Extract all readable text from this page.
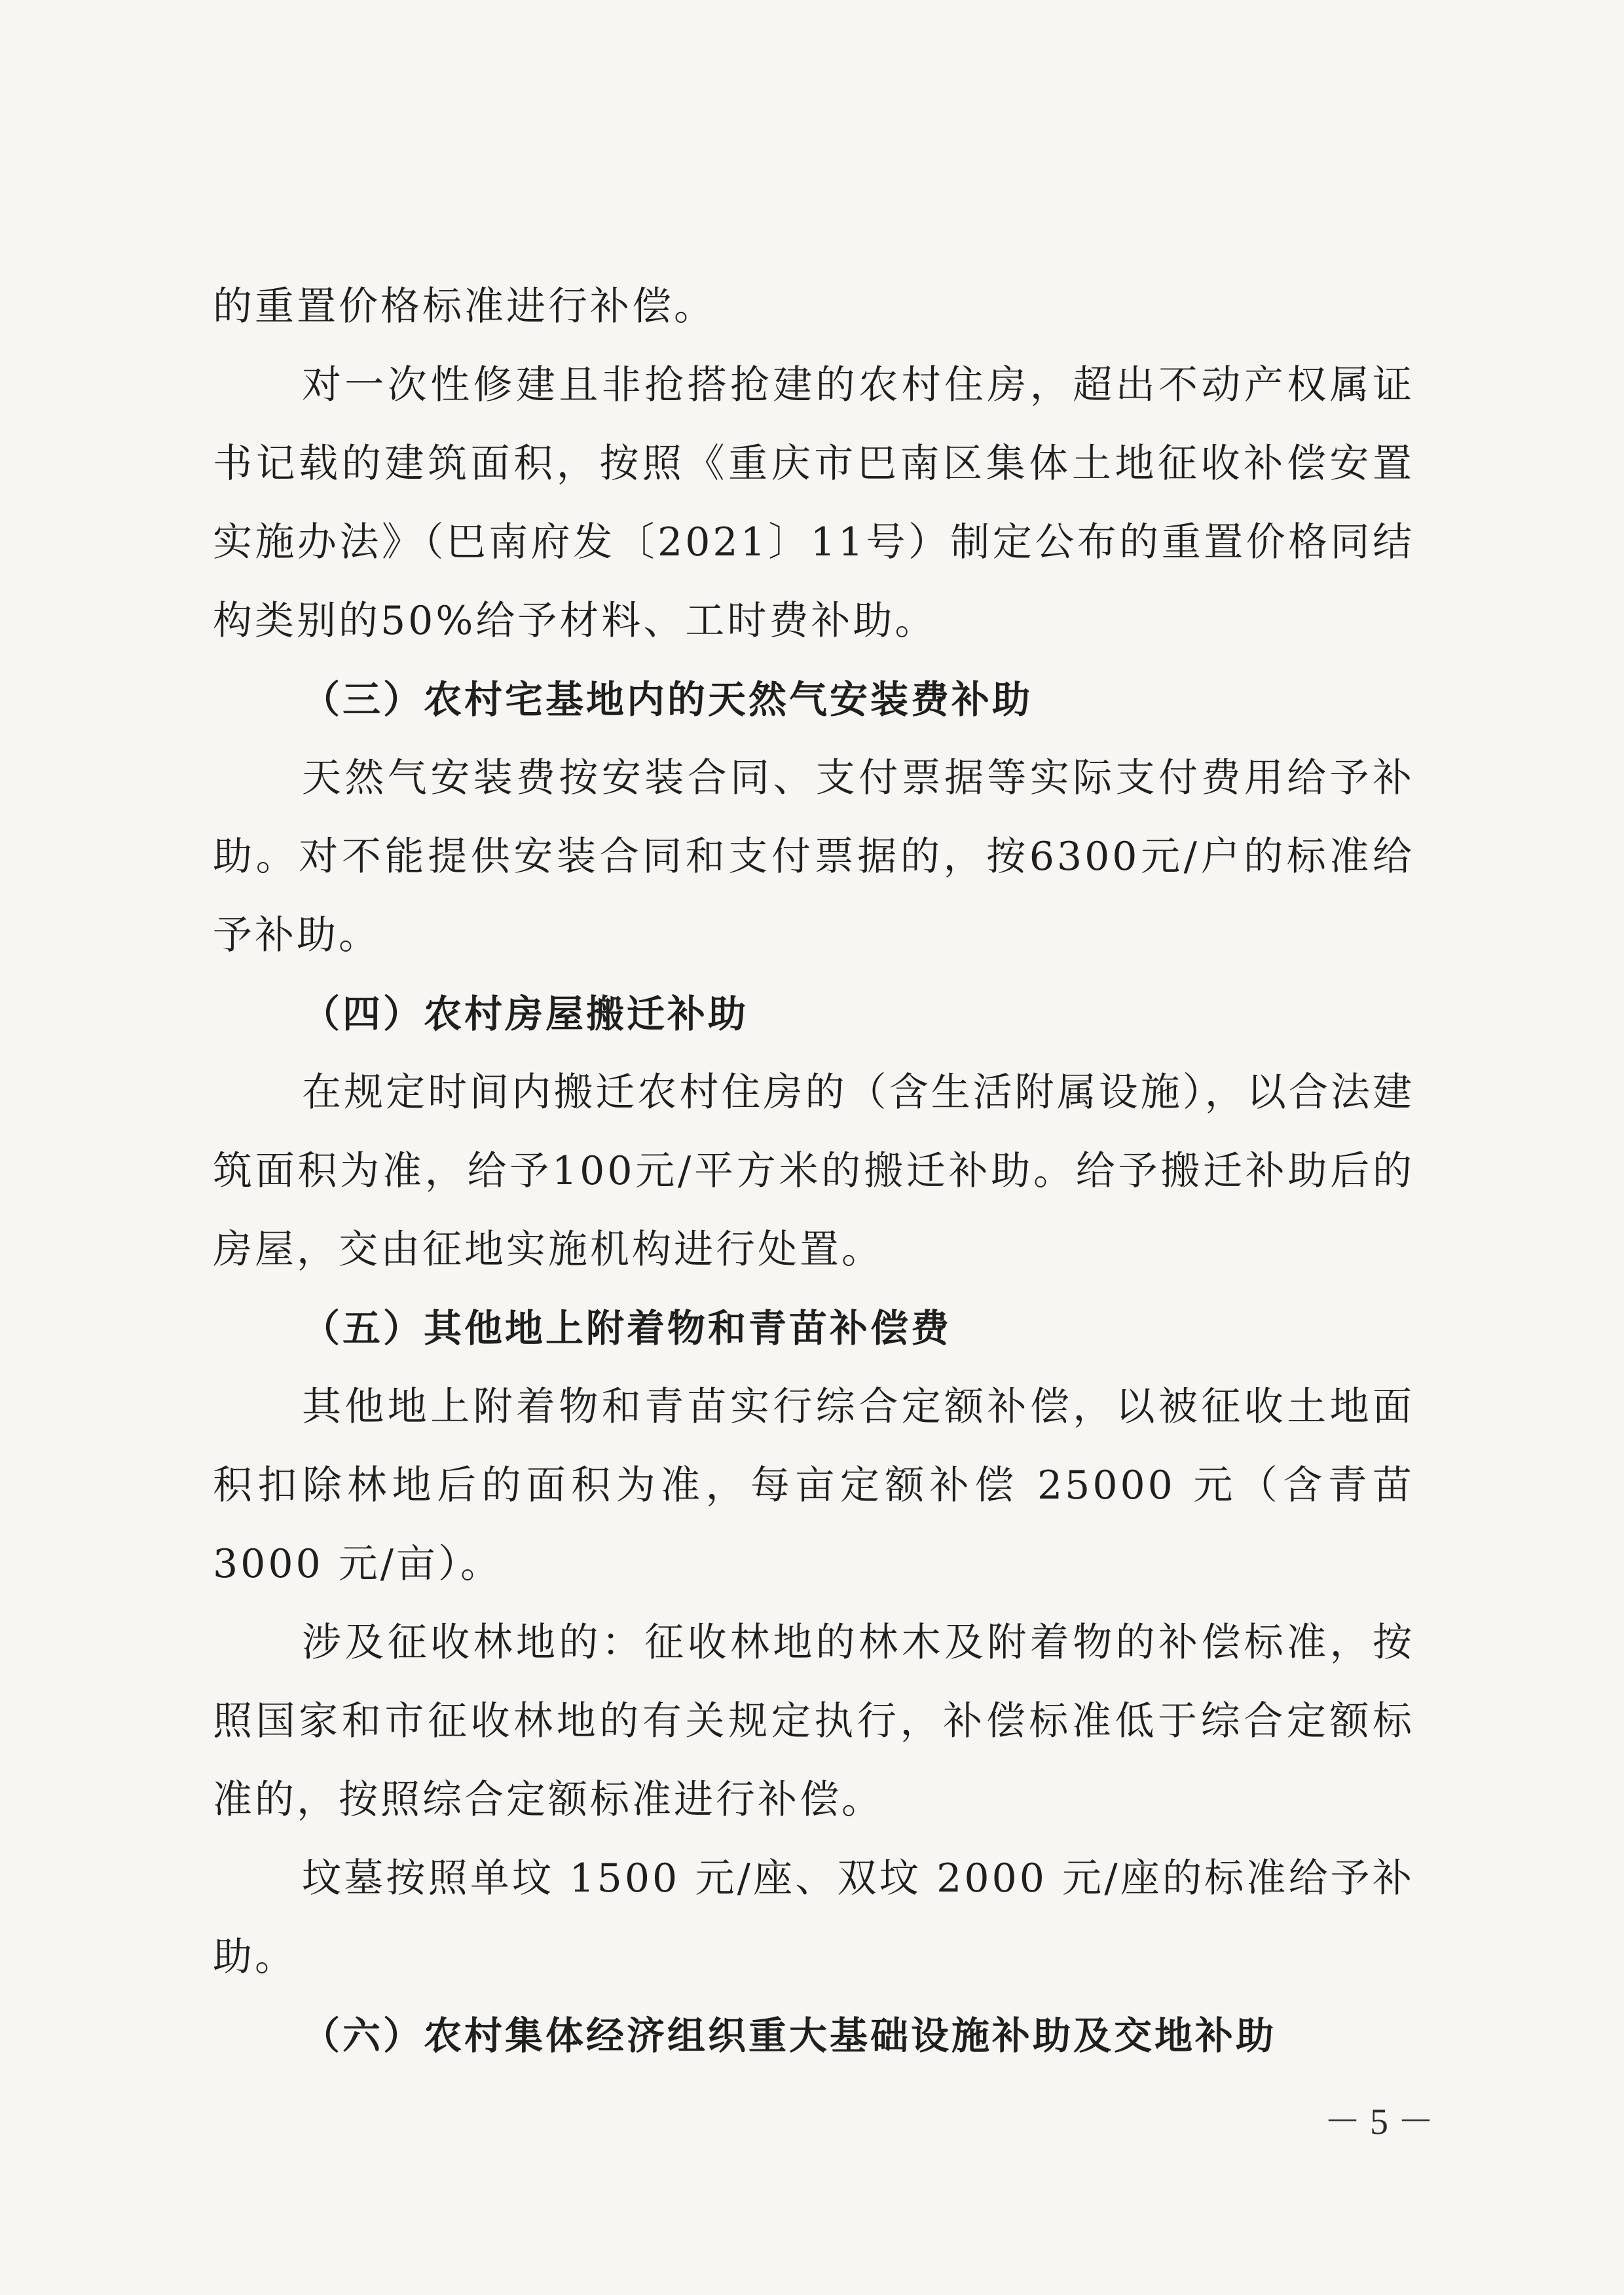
的重置价格标准进行补偿。

对一次性修建且非抢搭抢建的农村住房，超出不动产权属证书记载的建筑面积，按照《重庆市巴南区集体土地征收补偿安置实施办法》（巴南府发〔2021〕11号）制定公布的重置价格同结构类别的50%给予材料、工时费补助。

（三）农村宅基地内的天然气安装费补助

天然气安装费按安装合同、支付票据等实际支付费用给予补助。对不能提供安装合同和支付票据的，按6300元/户的标准给予补助。

（四）农村房屋搬迁补助

在规定时间内搬迁农村住房的（含生活附属设施），以合法建筑面积为准，给予100元/平方米的搬迁补助。给予搬迁补助后的房屋，交由征地实施机构进行处置。

（五）其他地上附着物和青苗补偿费

其他地上附着物和青苗实行综合定额补偿，以被征收土地面积扣除林地后的面积为准，每亩定额补偿 25000 元（含青苗3000 元/亩）。

涉及征收林地的：征收林地的林木及附着物的补偿标准，按照国家和市征收林地的有关规定执行，补偿标准低于综合定额标准的，按照综合定额标准进行补偿。

坟墓按照单坟 1500 元/座、双坟 2000 元/座的标准给予补助。

（六）农村集体经济组织重大基础设施补助及交地补助

－ 5 －
